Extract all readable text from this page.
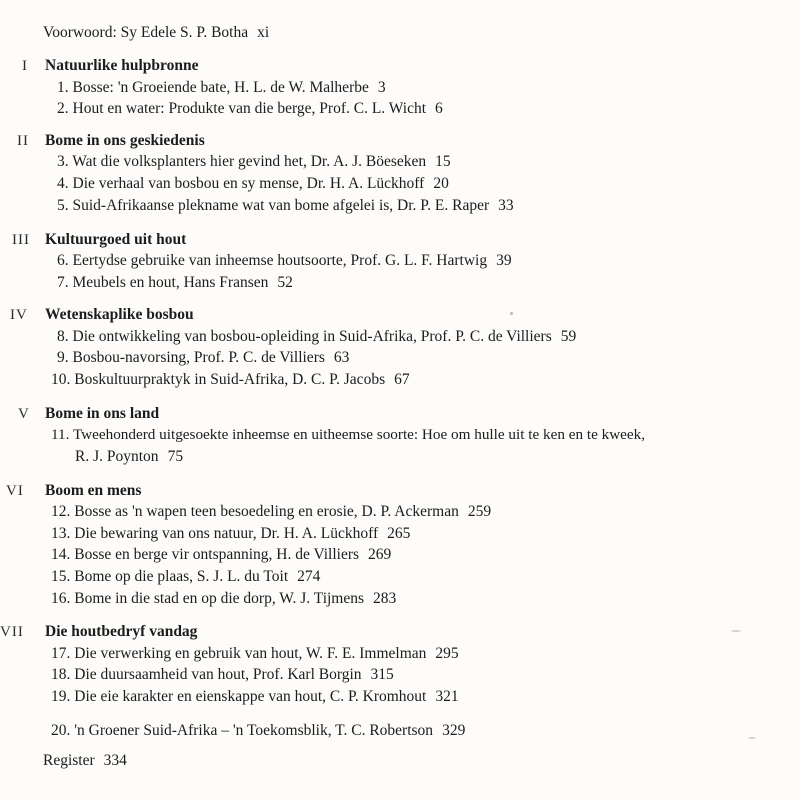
Voorwoord: Sy Edele S. P. Botha xi
I Natuurlike hulpbronne
1. Bosse: 'n Groeiende bate, H. L. de W. Malherbe 3
2. Hout en water: Produkte van die berge, Prof. C. L. Wicht 6
II Bome in ons geskiedenis
3. Wat die volksplanters hier gevind het, Dr. A. J. Böeseken 15
4. Die verhaal van bosbou en sy mense, Dr. H. A. Lückhoff 20
5. Suid-Afrikaanse plekname wat van bome afgelei is, Dr. P. E. Raper 33
III Kultuurgoed uit hout
6. Eertydse gebruike van inheemse houtsoorte, Prof. G. L. F. Hartwig 39
7. Meubels en hout, Hans Fransen 52
IV Wetenskaplike bosbou
8. Die ontwikkeling van bosbou-opleiding in Suid-Afrika, Prof. P. C. de Villiers 59
9. Bosbou-navorsing, Prof. P. C. de Villiers 63
10. Boskultuurpraktyk in Suid-Afrika, D. C. P. Jacobs 67
V Bome in ons land
11. Tweehonderd uitgesoekte inheemse en uitheemse soorte: Hoe om hulle uit te ken en te kweek,
R. J. Poynton 75
VI Boom en mens
12. Bosse as 'n wapen teen besoedeling en erosie, D. P. Ackerman 259
13. Die bewaring van ons natuur, Dr. H. A. Lückhoff 265
14. Bosse en berge vir ontspanning, H. de Villiers 269
15. Bome op die plaas, S. J. L. du Toit 274
16. Bome in die stad en op die dorp, W. J. Tijmens 283
VII Die houtbedryf vandag
17. Die verwerking en gebruik van hout, W. F. E. Immelman 295
18. Die duursaamheid van hout, Prof. Karl Borgin 315
19. Die eie karakter en eienskappe van hout, C. P. Kromhout 321
20. 'n Groener Suid-Afrika – 'n Toekomsblik, T. C. Robertson 329
Register 334
